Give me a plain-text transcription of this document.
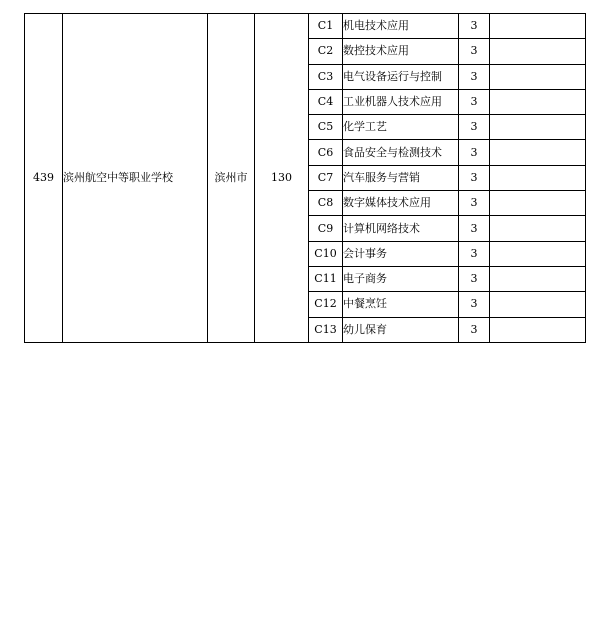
439	滨州航空中等职业学校	滨州市	130	C1	机电技术应用	3	
				C2	数控技术应用	3	
				C3	电气设备运行与控制	3	
				C4	工业机器人技术应用	3	
				C5	化学工艺	3	
				C6	食品安全与检测技术	3	
				C7	汽车服务与营销	3	
				C8	数字媒体技术应用	3	
				C9	计算机网络技术	3	
				C10	会计事务	3	
				C11	电子商务	3	
				C12	中餐烹饪	3	
				C13	幼儿保育	3	
